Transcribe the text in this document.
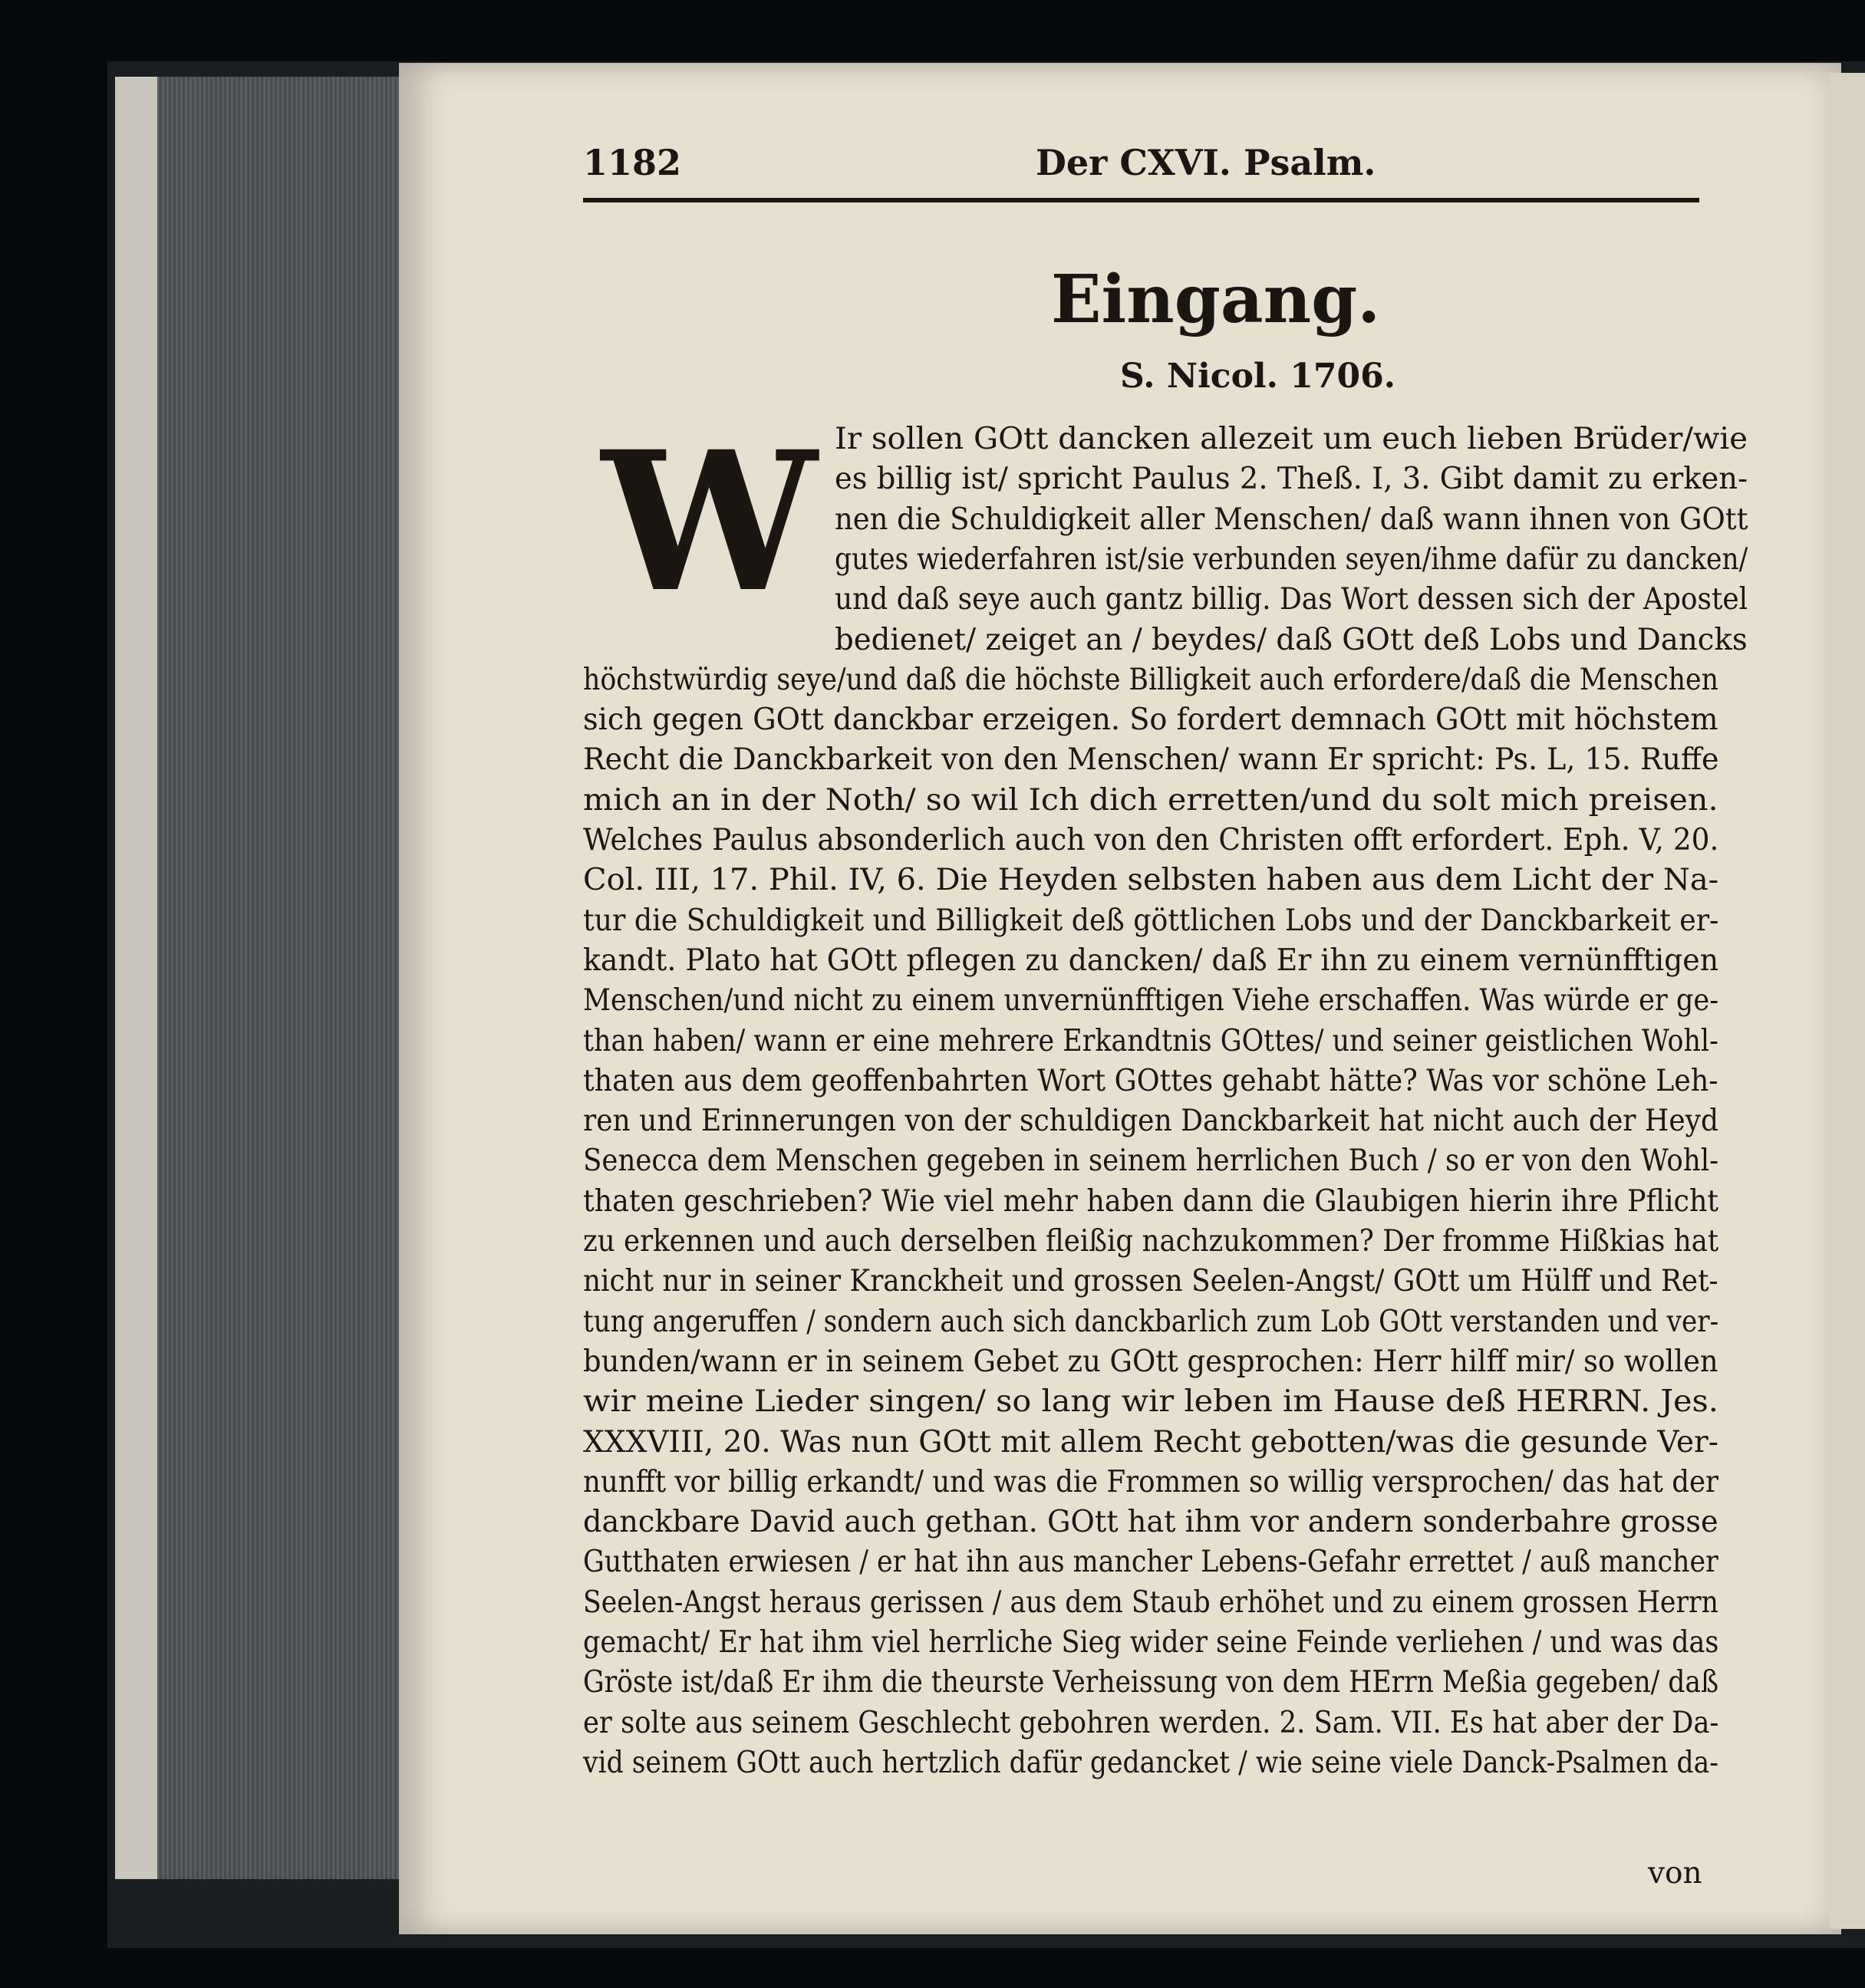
1182	Der CXVI. Psalm.
Eingang.
S. Nicol. 1706.
W Ir sollen GOtt dancken allezeit um euch lieben Brüder/wie
es billig ist/ spricht Paulus 2. Theß. I, 3. Gibt damit zu erken-
nen die Schuldigkeit aller Menschen/ daß wann ihnen von GOtt
gutes wiederfahren ist/sie verbunden seyen/ihme dafür zu dancken/
und daß seye auch gantz billig. Das Wort dessen sich der Apostel
bedienet/ zeiget an / beydes/ daß GOtt deß Lobs und Dancks
höchstwürdig seye/und daß die höchste Billigkeit auch erfordere/daß die Menschen
sich gegen GOtt danckbar erzeigen. So fordert demnach GOtt mit höchstem
Recht die Danckbarkeit von den Menschen/ wann Er spricht: Ps. L, 15. Ruffe
mich an in der Noth/ so wil Ich dich erretten/und du solt mich preisen.
Welches Paulus absonderlich auch von den Christen offt erfordert. Eph. V, 20.
Col. III, 17. Phil. IV, 6. Die Heyden selbsten haben aus dem Licht der Na-
tur die Schuldigkeit und Billigkeit deß göttlichen Lobs und der Danckbarkeit er-
kandt. Plato hat GOtt pflegen zu dancken/ daß Er ihn zu einem vernünfftigen
Menschen/und nicht zu einem unvernünfftigen Viehe erschaffen. Was würde er ge-
than haben/ wann er eine mehrere Erkandtnis GOttes/ und seiner geistlichen Wohl-
thaten aus dem geoffenbahrten Wort GOttes gehabt hätte? Was vor schöne Leh-
ren und Erinnerungen von der schuldigen Danckbarkeit hat nicht auch der Heyd
Senecca dem Menschen gegeben in seinem herrlichen Buch / so er von den Wohl-
thaten geschrieben? Wie viel mehr haben dann die Glaubigen hierin ihre Pflicht
zu erkennen und auch derselben fleißig nachzukommen? Der fromme Hißkias hat
nicht nur in seiner Kranckheit und grossen Seelen-Angst/ GOtt um Hülff und Ret-
tung angeruffen / sondern auch sich danckbarlich zum Lob GOtt verstanden und ver-
bunden/wann er in seinem Gebet zu GOtt gesprochen: Herr hilff mir/ so wollen
wir meine Lieder singen/ so lang wir leben im Hause deß HERRN. Jes.
XXXVIII, 20. Was nun GOtt mit allem Recht gebotten/was die gesunde Ver-
nunfft vor billig erkandt/ und was die Frommen so willig versprochen/ das hat der
danckbare David auch gethan. GOtt hat ihm vor andern sonderbahre grosse
Gutthaten erwiesen / er hat ihn aus mancher Lebens-Gefahr errettet / auß mancher
Seelen-Angst heraus gerissen / aus dem Staub erhöhet und zu einem grossen Herrn
gemacht/ Er hat ihm viel herrliche Sieg wider seine Feinde verliehen / und was das
Gröste ist/daß Er ihm die theurste Verheissung von dem HErrn Meßia gegeben/ daß
er solte aus seinem Geschlecht gebohren werden. 2. Sam. VII. Es hat aber der Da-
vid seinem GOtt auch hertzlich dafür gedancket / wie seine viele Danck-Psalmen da-
von
